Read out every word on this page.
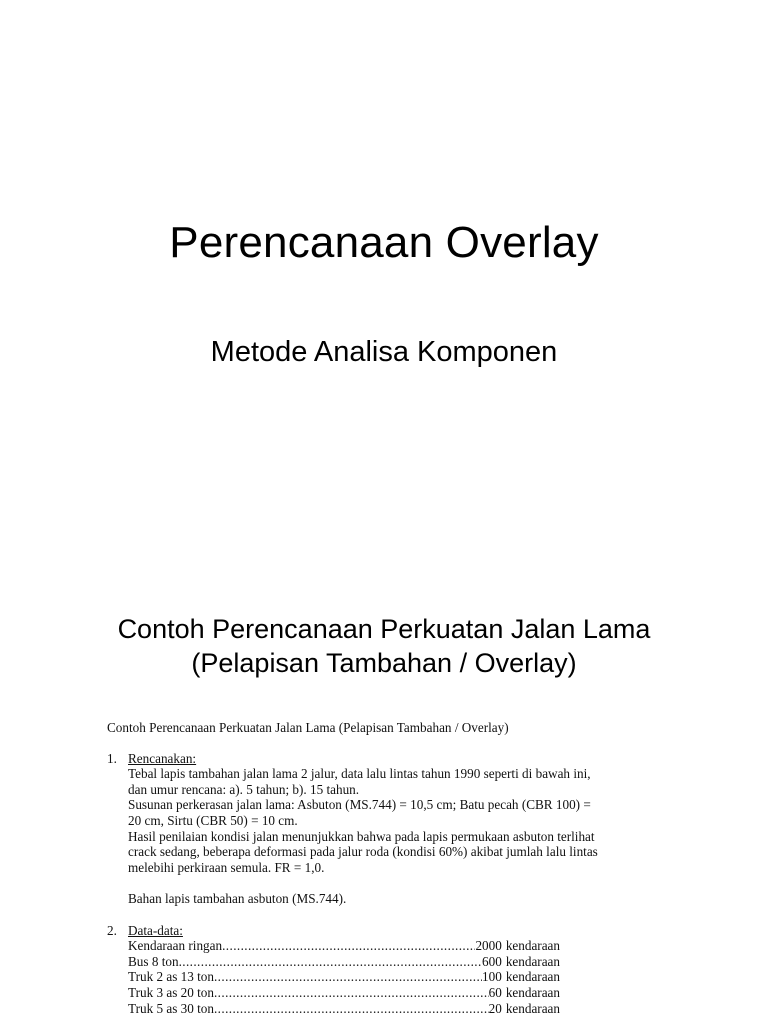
Perencanaan Overlay
Metode Analisa Komponen
Contoh Perencanaan Perkuatan Jalan Lama
(Pelapisan Tambahan / Overlay)

Contoh Perencanaan Perkuatan Jalan Lama (Pelapisan Tambahan / Overlay)

1. Rencanakan:

Tebal lapis tambahan jalan lama 2 jalur, data lalu lintas tahun 1990 seperti di bawah ini,

dan umur rencana: a). 5 tahun; b). 15 tahun.

Susunan perkerasan jalan lama: Asbuton (MS.744) = 10,5 cm; Batu pecah (CBR 100) =

20 cm, Sirtu (CBR 50) = 10 cm.

Hasil penilaian kondisi jalan menunjukkan bahwa pada lapis permukaan asbuton terlihat

crack sedang, beberapa deformasi pada jalur roda (kondisi 60%) akibat jumlah lalu lintas

melebihi perkiraan semula. FR = 1,0.

Bahan lapis tambahan asbuton (MS.744).

2. Data-data:
Kendaraan ringan .....	2000 kendaraan
Bus 8 ton .....	600 kendaraan
Truk 2 as 13 ton .....	100 kendaraan
Truk 3 as 20 ton .....	60 kendaraan
Truk 5 as 30 ton .....	20 kendaraan
